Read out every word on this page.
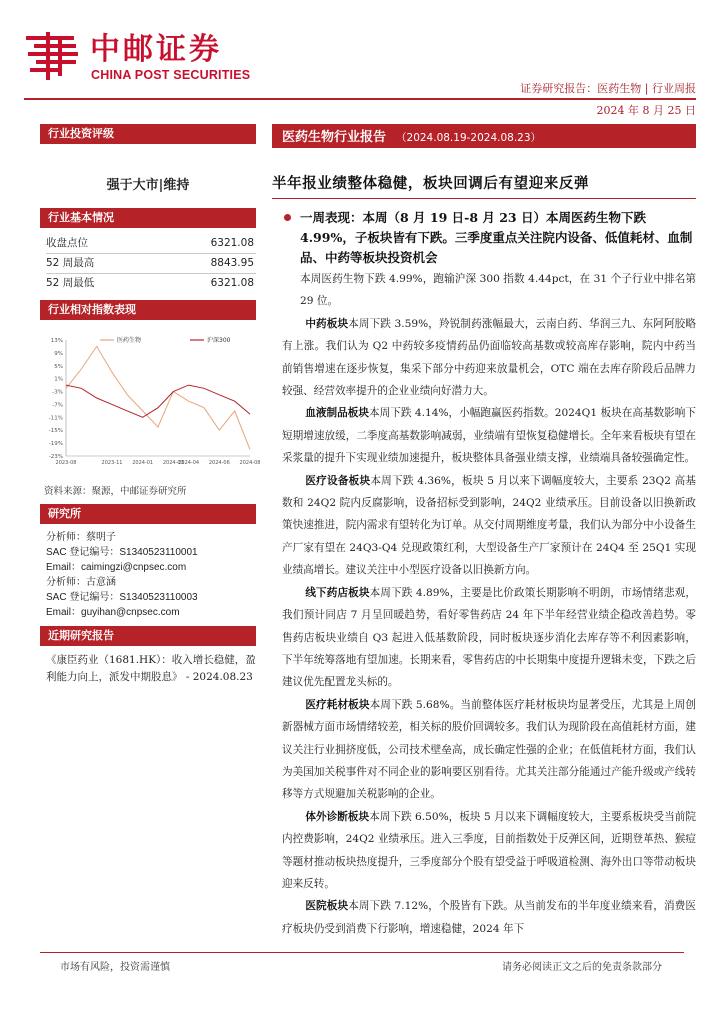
中邮证券
CHINA POST SECURITIES
证券研究报告：医药生物 | 行业周报
2024 年 8 月 25 日
行业投资评级
强于大市|维持
行业基本情况
收盘点位	6321.08
52 周最高	8843.95
52 周最低	6321.08
行业相对指数表现
13%
9%
5%
1%
-3%
-7%
-11%
-15%
-19%
-23%
2023-08	2023-11 2024-01 2024-03
2024-04 2024-06 2024-08
医药生物	沪深300
资料来源：聚源，中邮证券研究所
研究所
分析师：蔡明子
SAC 登记编号：S1340523110001
Email：caimingzi@cnpsec.com
分析师：古意涵
SAC 登记编号：S1340523110003
Email：guyihan@cnpsec.com
近期研究报告
《康臣药业（1681.HK）：收入增长稳健，盈利能力向上，派发中期股息》 - 2024.08.23
医药生物行业报告 （2024.08.19-2024.08.23）
半年报业绩整体稳健，板块回调后有望迎来反弹
一周表现：本周（8 月 19 日-8 月 23 日）本周医药生物下跌 4.99%，子板块皆有下跌。三季度重点关注院内设备、低值耗材、血制品、中药等板块投资机会
本周医药生物下跌 4.99%，跑输沪深 300 指数 4.44pct，在 31 个子行业中排名第 29 位。
中药板块本周下跌 3.59%，羚锐制药涨幅最大，云南白药、华润三九、东阿阿胶略有上涨。我们认为 Q2 中药较多疫情药品仍面临较高基数或较高库存影响，院内中药当前销售增速在逐步恢复，集采下部分中药迎来放量机会，OTC 端在去库存阶段后品牌力较强、经营效率提升的企业业绩向好潜力大。
血液制品板块本周下跌 4.14%，小幅跑赢医药指数。2024Q1 板块在高基数影响下短期增速放缓，二季度高基数影响减弱，业绩端有望恢复稳健增长。全年来看板块有望在采浆量的提升下实现业绩加速提升，板块整体具备强业绩支撑，业绩端具备较强确定性。
医疗设备板块本周下跌 4.36%，板块 5 月以来下调幅度较大，主要系 23Q2 高基数和 24Q2 院内反腐影响，设备招标受到影响，24Q2 业绩承压。目前设备以旧换新政策快速推进，院内需求有望转化为订单。从交付周期维度考量，我们认为部分中小设备生产厂家有望在 24Q3-Q4 兑现政策红利，大型设备生产厂家预计在 24Q4 至 25Q1 实现业绩高增长。建议关注中小型医疗设备以旧换新方向。
线下药店板块本周下跌 4.89%，主要是比价政策长期影响不明朗，市场情绪悲观，我们预计同店 7 月呈回暖趋势，看好零售药店 24 年下半年经营业绩企稳改善趋势。零售药店板块业绩自 Q3 起进入低基数阶段，同时板块逐步消化去库存等不利因素影响，下半年统筹落地有望加速。长期来看，零售药店的中长期集中度提升逻辑未变，下跌之后建议优先配置龙头标的。
医疗耗材板块本周下跌 5.68%。当前整体医疗耗材板块均显著受压，尤其是上周创新器械方面市场情绪较差，相关标的股价回调较多。我们认为现阶段在高值耗材方面，建议关注行业拥挤度低，公司技术壁垒高，成长确定性强的企业；在低值耗材方面，我们认为美国加关税事件对不同企业的影响要区别看待。尤其关注部分能通过产能升级或产线转移等方式规避加关税影响的企业。
体外诊断板块本周下跌 6.50%，板块 5 月以来下调幅度较大，主要系板块受当前院内控费影响，24Q2 业绩承压。进入三季度，目前指数处于反弹区间，近期登革热、猴痘等题材推动板块热度提升，三季度部分个股有望受益于呼吸道检测、海外出口等带动板块迎来反转。
医院板块本周下跌 7.12%，个股皆有下跌。从当前发布的半年度业绩来看，消费医疗板块仍受到消费下行影响，增速稳健，2024 年下
市场有风险，投资需谨慎	请务必阅读正文之后的免责条款部分
